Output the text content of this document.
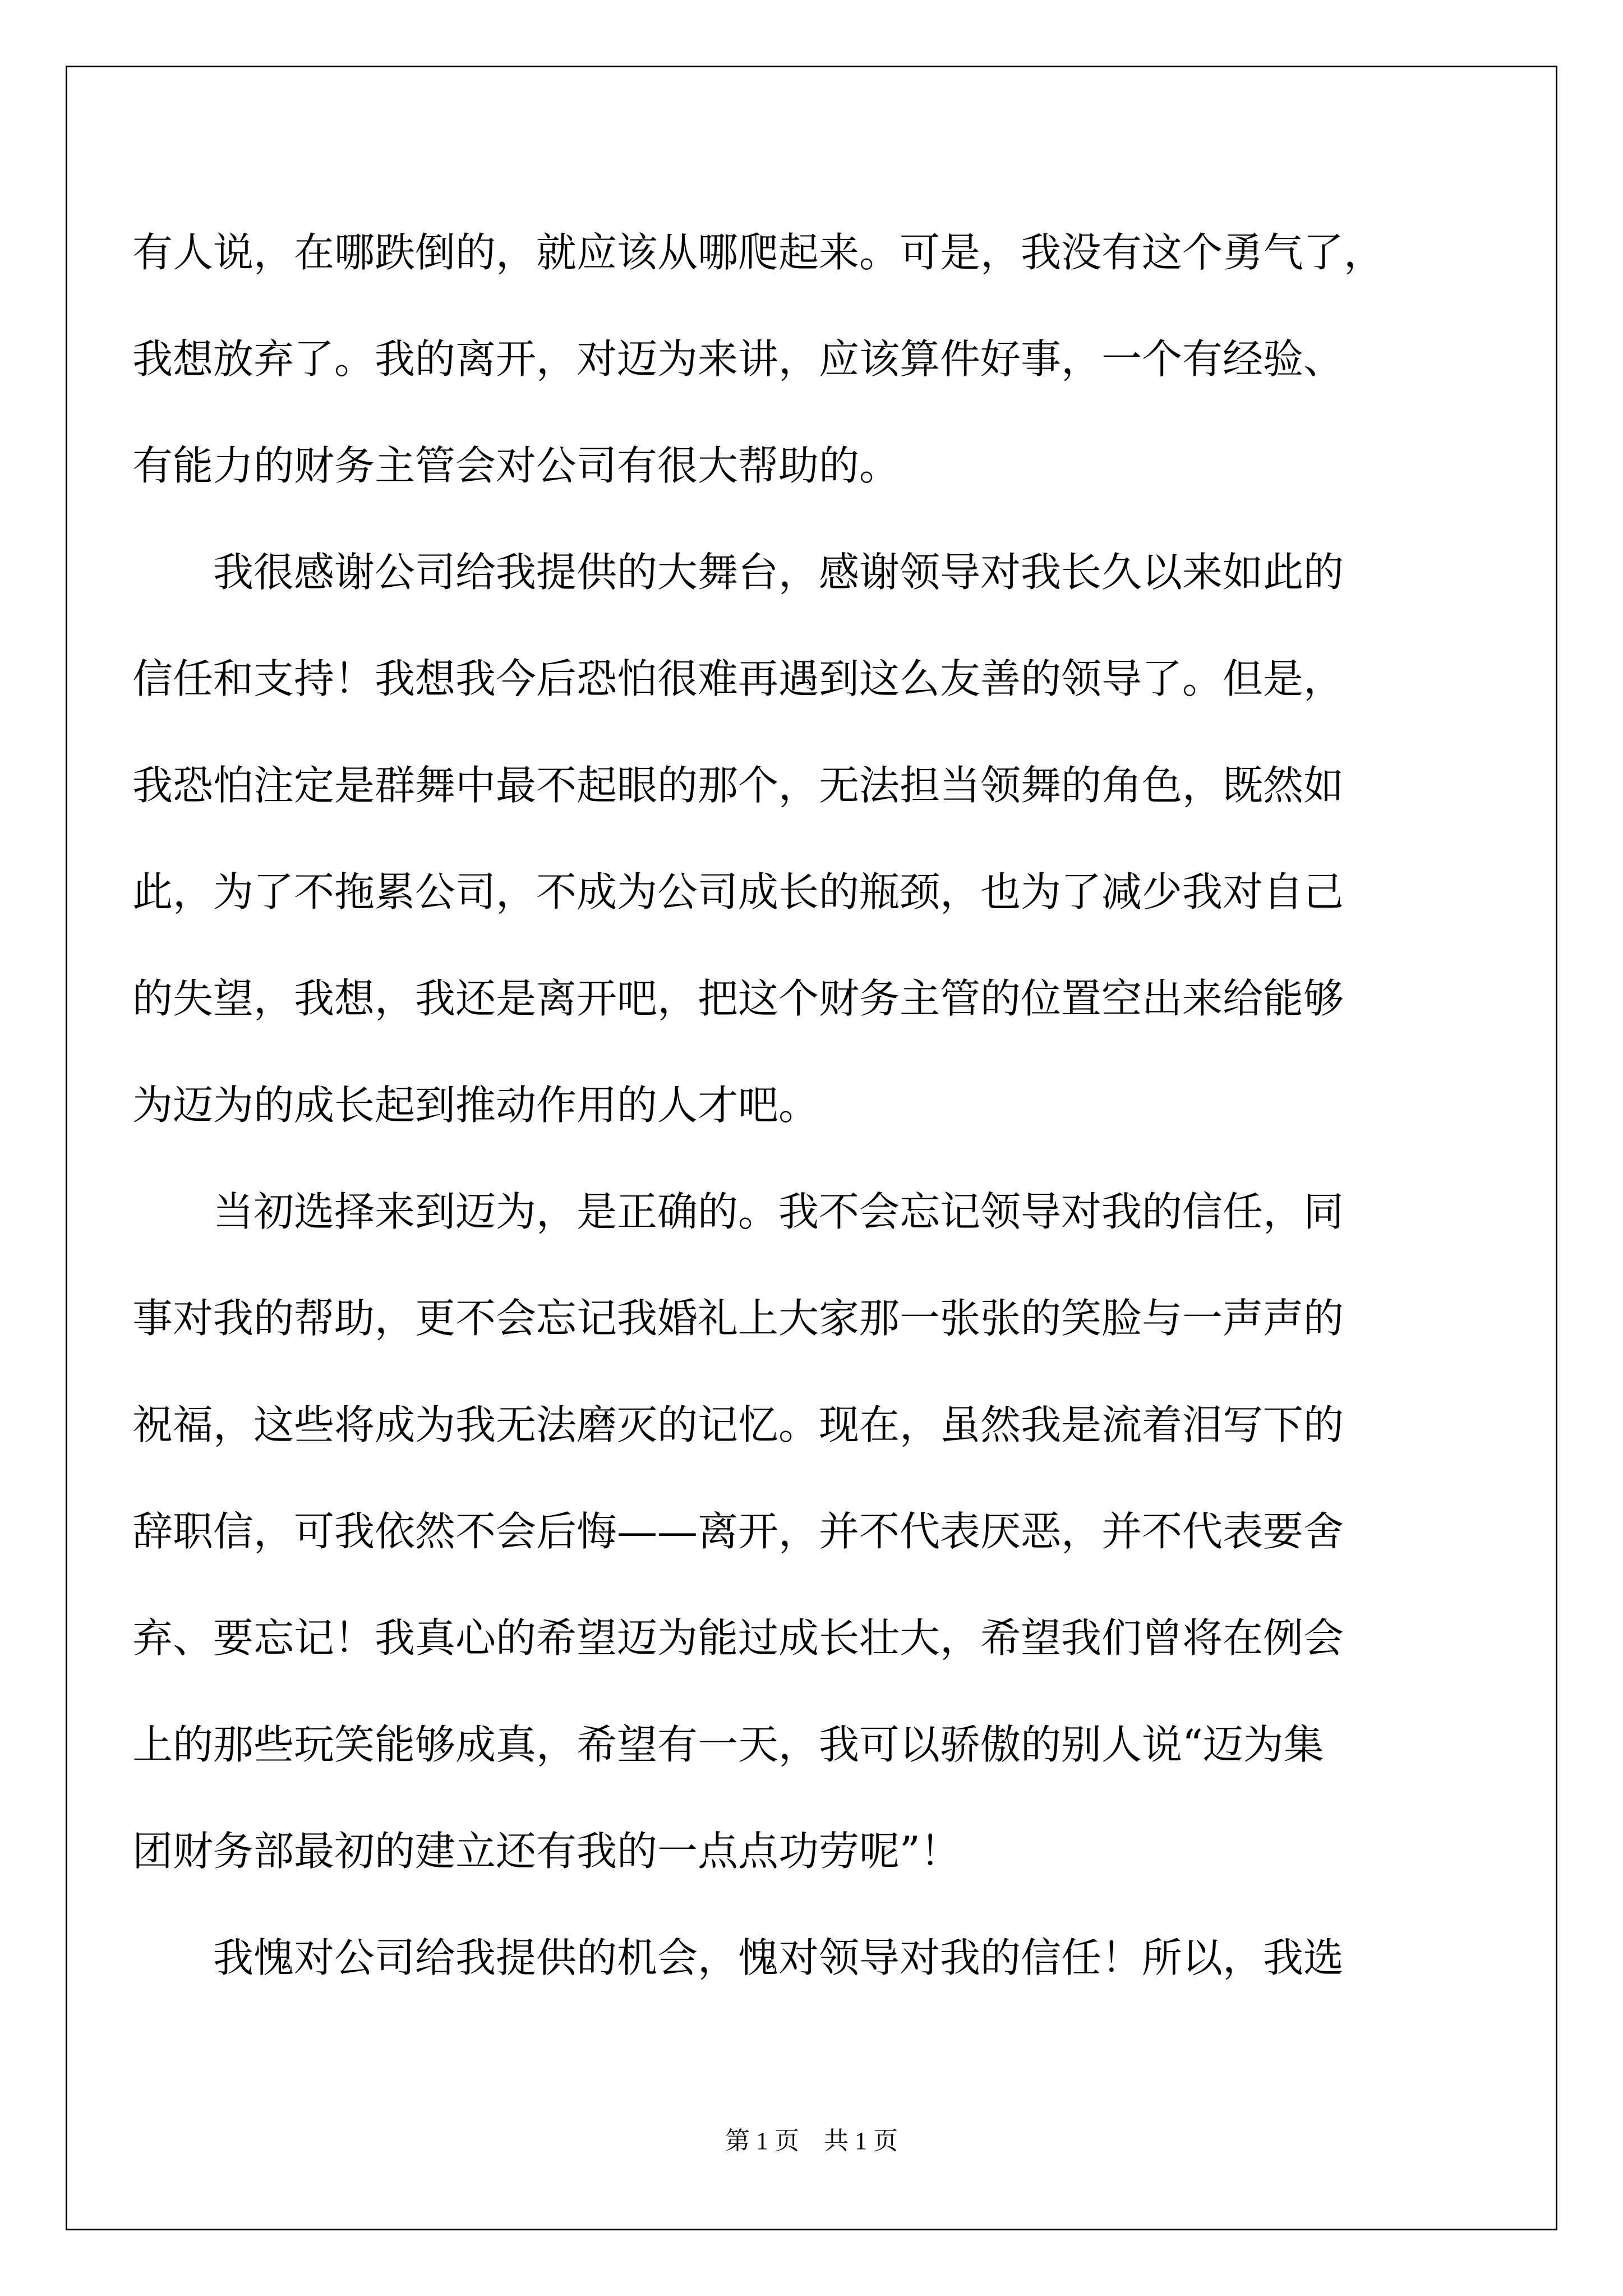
有人说，在哪跌倒的，就应该从哪爬起来。可是，我没有这个勇气了，
我想放弃了。我的离开，对迈为来讲，应该算件好事，一个有经验、
有能力的财务主管会对公司有很大帮助的。
　　我很感谢公司给我提供的大舞台，感谢领导对我长久以来如此的
信任和支持！我想我今后恐怕很难再遇到这么友善的领导了。但是，
我恐怕注定是群舞中最不起眼的那个，无法担当领舞的角色，既然如
此，为了不拖累公司，不成为公司成长的瓶颈，也为了减少我对自己
的失望，我想，我还是离开吧，把这个财务主管的位置空出来给能够
为迈为的成长起到推动作用的人才吧。
　　当初选择来到迈为，是正确的。我不会忘记领导对我的信任，同
事对我的帮助，更不会忘记我婚礼上大家那一张张的笑脸与一声声的
祝福，这些将成为我无法磨灭的记忆。现在，虽然我是流着泪写下的
辞职信，可我依然不会后悔——离开，并不代表厌恶，并不代表要舍
弃、要忘记！我真心的希望迈为能过成长壮大，希望我们曾将在例会
上的那些玩笑能够成真，希望有一天，我可以骄傲的别人说“迈为集
团财务部最初的建立还有我的一点点功劳呢”！
　　我愧对公司给我提供的机会，愧对领导对我的信任！所以，我选
第 1 页    共 1 页
